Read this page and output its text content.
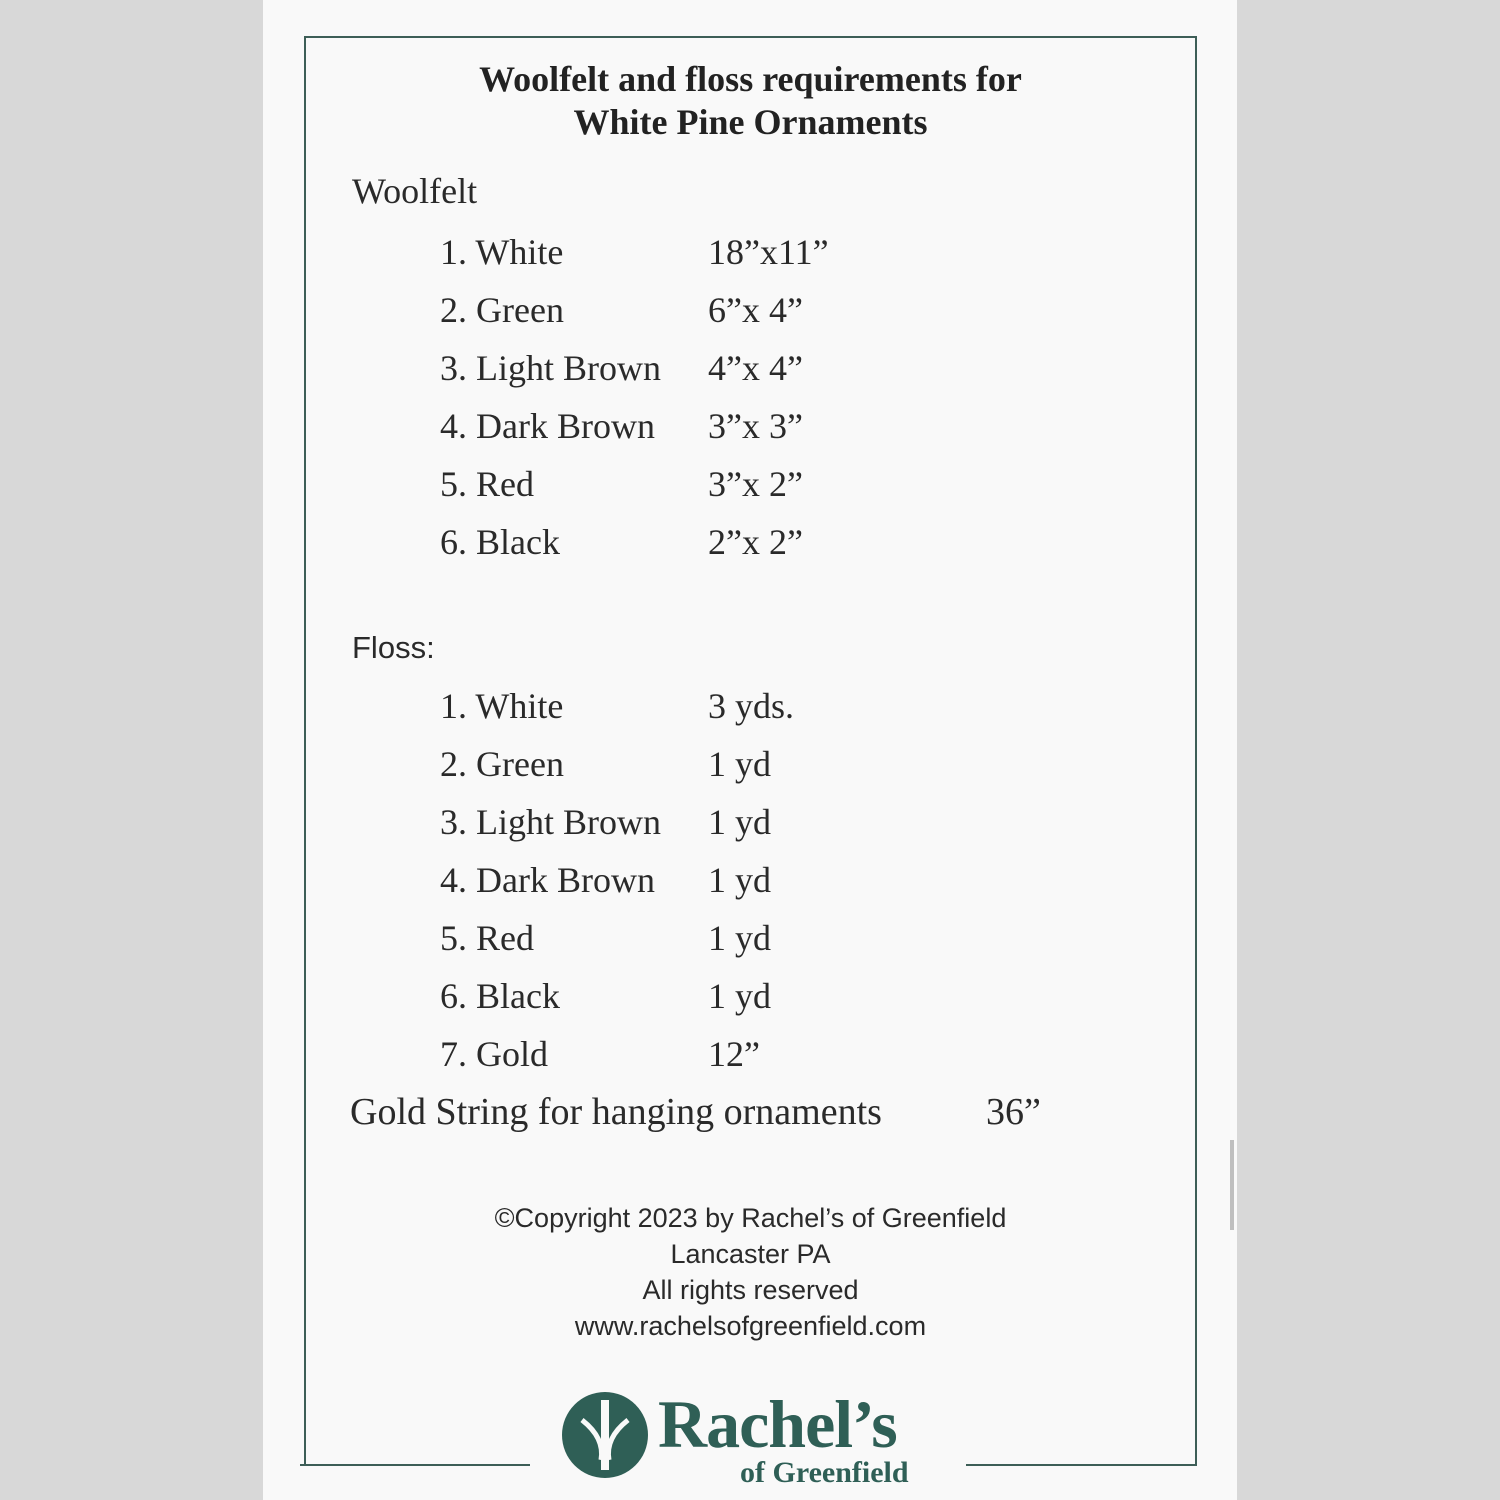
Woolfelt and floss requirements for
White Pine Ornaments
Woolfelt
1. White	18”x11”
2. Green	6”x 4”
3. Light Brown 4”x 4”
4. Dark Brown 3”x 3”
5. Red	3”x 2”
6. Black	2”x 2”
Floss:
1. White	3 yds.
2. Green	1 yd
3. Light Brown 1 yd
4. Dark Brown 1 yd
5. Red	1 yd
6. Black	1 yd
7. Gold	12”
Gold String for hanging ornaments	36”
©Copyright 2023 by Rachel’s of Greenfield
Lancaster PA
All rights reserved
www.rachelsofgreenfield.com
Rachel’s
of Greenfield
